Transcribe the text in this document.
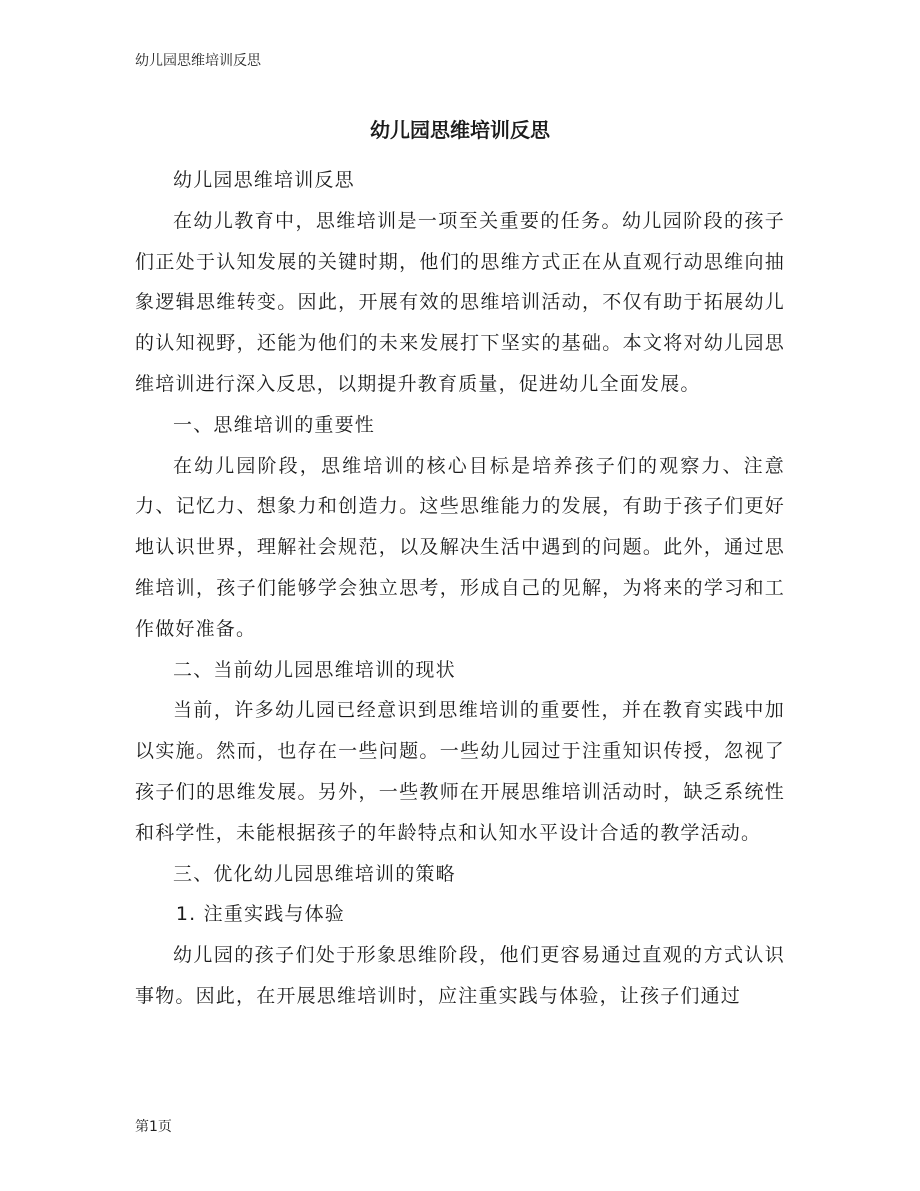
幼儿园思维培训反思
幼儿园思维培训反思

幼儿园思维培训反思

在幼儿教育中，思维培训是一项至关重要的任务。幼儿园阶段的孩子们正处于认知发展的关键时期，他们的思维方式正在从直观行动思维向抽象逻辑思维转变。因此，开展有效的思维培训活动，不仅有助于拓展幼儿的认知视野，还能为他们的未来发展打下坚实的基础。本文将对幼儿园思维培训进行深入反思，以期提升教育质量，促进幼儿全面发展。

一、思维培训的重要性

在幼儿园阶段，思维培训的核心目标是培养孩子们的观察力、注意力、记忆力、想象力和创造力。这些思维能力的发展，有助于孩子们更好地认识世界，理解社会规范，以及解决生活中遇到的问题。此外，通过思维培训，孩子们能够学会独立思考，形成自己的见解，为将来的学习和工作做好准备。

二、当前幼儿园思维培训的现状

当前，许多幼儿园已经意识到思维培训的重要性，并在教育实践中加以实施。然而，也存在一些问题。一些幼儿园过于注重知识传授，忽视了孩子们的思维发展。另外，一些教师在开展思维培训活动时，缺乏系统性和科学性，未能根据孩子的年龄特点和认知水平设计合适的教学活动。

三、优化幼儿园思维培训的策略

1. 注重实践与体验

幼儿园的孩子们处于形象思维阶段，他们更容易通过直观的方式认识事物。因此，在开展思维培训时，应注重实践与体验，让孩子们通过

第1页
